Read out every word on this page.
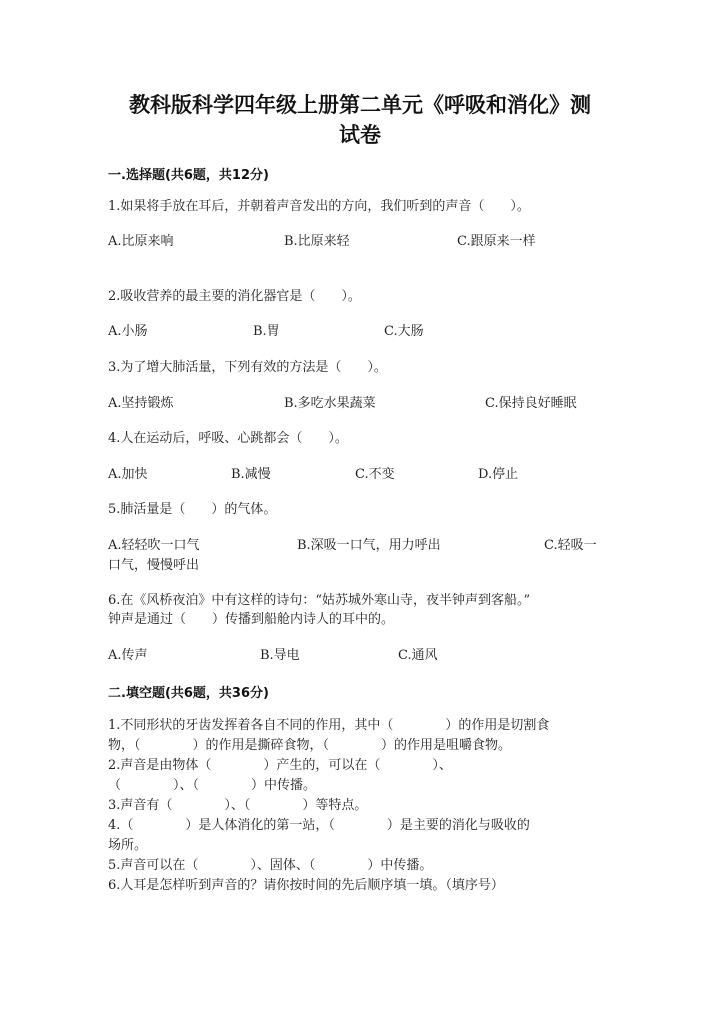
教科版科学四年级上册第二单元《呼吸和消化》测
试卷
一.选择题(共6题，共12分)
1.如果将手放在耳后，并朝着声音发出的方向，我们听到的声音（　　）。
A.比原来响	B.比原来轻	C.跟原来一样
2.吸收营养的最主要的消化器官是（　　）。
A.小肠	B.胃	C.大肠
3.为了增大肺活量，下列有效的方法是（　　）。
A.坚持锻炼	B.多吃水果蔬菜	C.保持良好睡眠
4.人在运动后，呼吸、心跳都会（　　）。
A.加快	B.减慢	C.不变	D.停止
5.肺活量是（　　）的气体。
A.轻轻吹一口气	B.深吸一口气，用力呼出	C.轻吸一
口气，慢慢呼出
6.在《风桥夜泊》中有这样的诗句：“姑苏城外寒山寺，夜半钟声到客船。”
钟声是通过（　　）传播到船舱内诗人的耳中的。
A.传声	B.导电	C.通风
二.填空题(共6题，共36分)
1.不同形状的牙齿发挥着各自不同的作用，其中（　　　　）的作用是切割食
物，（　　　　）的作用是撕碎食物，（　　　　）的作用是咀嚼食物。
2.声音是由物体（　　　　）产生的，可以在（　　　　）、
（　　　　）、（　　　　）中传播。
3.声音有（　　　　）、（　　　　）等特点。
4.（　　　　）是人体消化的第一站，（　　　　）是主要的消化与吸收的
场所。
5.声音可以在（　　　　）、固体、（　　　　）中传播。
6.人耳是怎样听到声音的？请你按时间的先后顺序填一填。（填序号）
